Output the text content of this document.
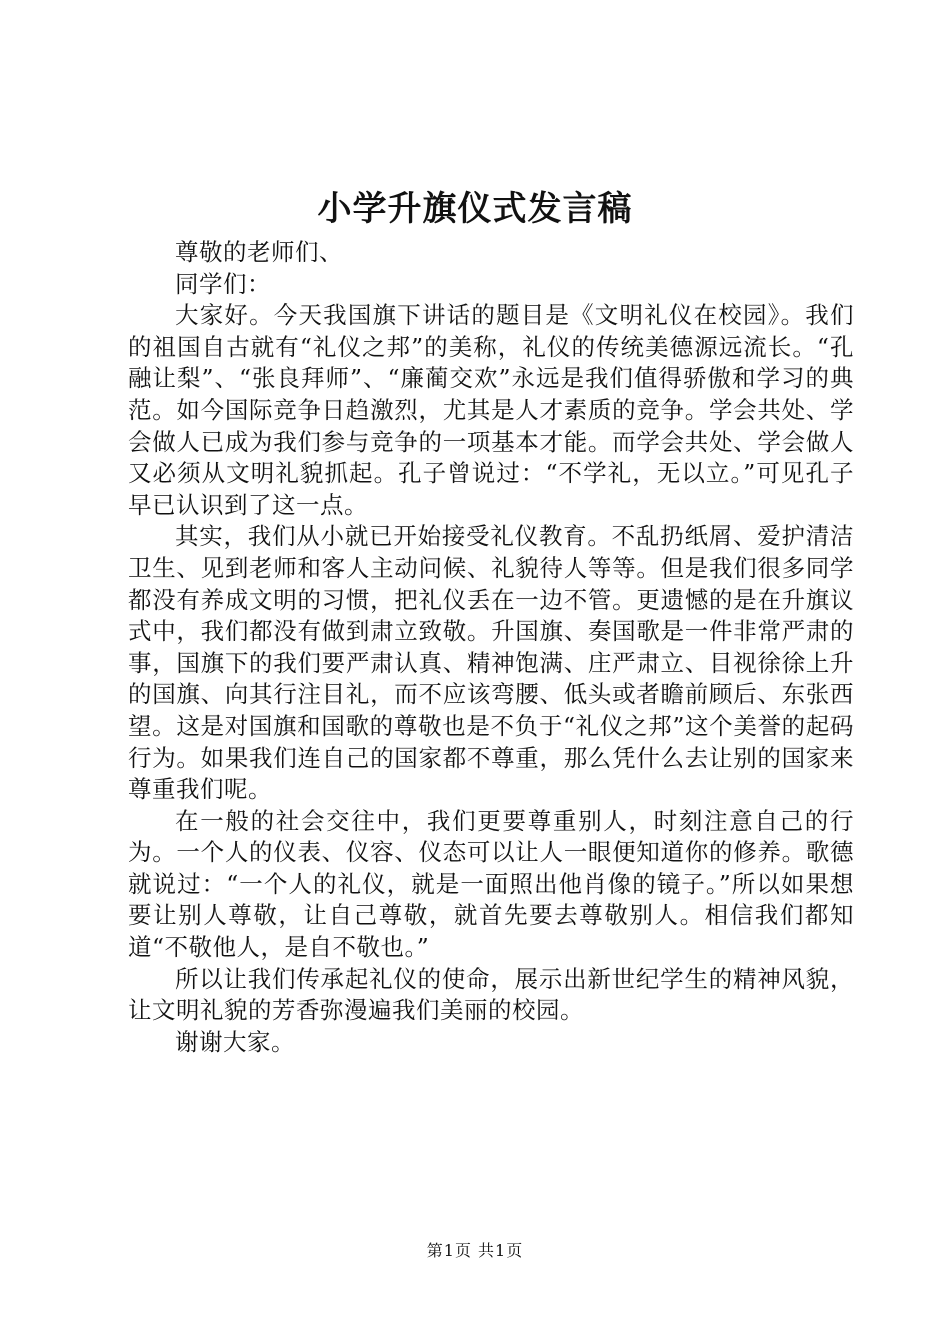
小学升旗仪式发言稿

尊敬的老师们、

同学们：

大家好。今天我国旗下讲话的题目是《文明礼仪在校园》。我们的祖国自古就有“礼仪之邦”的美称，礼仪的传统美德源远流长。“孔融让梨”、“张良拜师”、“廉蔺交欢”永远是我们值得骄傲和学习的典范。如今国际竞争日趋激烈，尤其是人才素质的竞争。学会共处、学会做人已成为我们参与竞争的一项基本才能。而学会共处、学会做人又必须从文明礼貌抓起。孔子曾说过：“不学礼，无以立。”可见孔子早已认识到了这一点。

其实，我们从小就已开始接受礼仪教育。不乱扔纸屑、爱护清洁卫生、见到老师和客人主动问候、礼貌待人等等。但是我们很多同学都没有养成文明的习惯，把礼仪丢在一边不管。更遗憾的是在升旗议式中，我们都没有做到肃立致敬。升国旗、奏国歌是一件非常严肃的事，国旗下的我们要严肃认真、精神饱满、庄严肃立、目视徐徐上升的国旗、向其行注目礼，而不应该弯腰、低头或者瞻前顾后、东张西望。这是对国旗和国歌的尊敬也是不负于“礼仪之邦”这个美誉的起码行为。如果我们连自己的国家都不尊重，那么凭什么去让别的国家来尊重我们呢。

在一般的社会交往中，我们更要尊重别人，时刻注意自己的行为。一个人的仪表、仪容、仪态可以让人一眼便知道你的修养。歌德就说过：“一个人的礼仪，就是一面照出他肖像的镜子。”所以如果想要让别人尊敬，让自己尊敬，就首先要去尊敬别人。相信我们都知道“不敬他人，是自不敬也。”

所以让我们传承起礼仪的使命，展示出新世纪学生的精神风貌，让文明礼貌的芳香弥漫遍我们美丽的校园。

谢谢大家。

第1页 共1页
